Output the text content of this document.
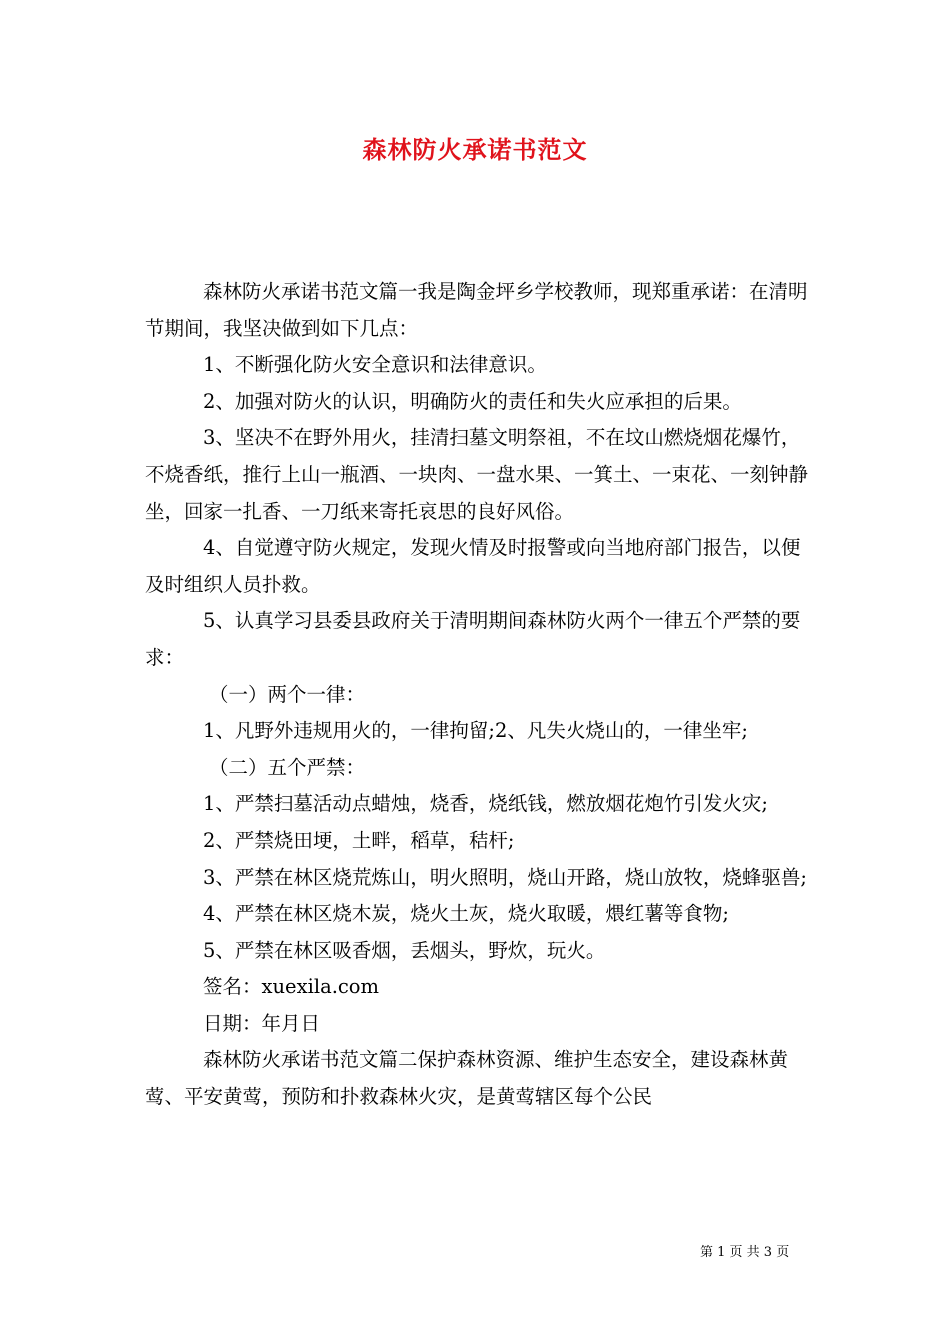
森林防火承诺书范文

森林防火承诺书范文篇一我是陶金坪乡学校教师，现郑重承诺：在清明节期间，我坚决做到如下几点：

1、不断强化防火安全意识和法律意识。

2、加强对防火的认识，明确防火的责任和失火应承担的后果。

3、坚决不在野外用火，挂清扫墓文明祭祖，不在坟山燃烧烟花爆竹，不烧香纸，推行上山一瓶酒、一块肉、一盘水果、一箕土、一束花、一刻钟静坐，回家一扎香、一刀纸来寄托哀思的良好风俗。

4、自觉遵守防火规定，发现火情及时报警或向当地府部门报告，以便及时组织人员扑救。

5、认真学习县委县政府关于清明期间森林防火两个一律五个严禁的要求：

（一）两个一律：

1、凡野外违规用火的，一律拘留;2、凡失火烧山的，一律坐牢;

（二）五个严禁：

1、严禁扫墓活动点蜡烛，烧香，烧纸钱，燃放烟花炮竹引发火灾;

2、严禁烧田埂，土畔，稻草，秸杆;

3、严禁在林区烧荒炼山，明火照明，烧山开路，烧山放牧，烧蜂驱兽;

4、严禁在林区烧木炭，烧火土灰，烧火取暖，煨红薯等食物;

5、严禁在林区吸香烟，丢烟头，野炊，玩火。

签名：xuexila.com

日期：年月日

森林防火承诺书范文篇二保护森林资源、维护生态安全，建设森林黄莺、平安黄莺，预防和扑救森林火灾，是黄莺辖区每个公民

第 1 页 共 3 页
